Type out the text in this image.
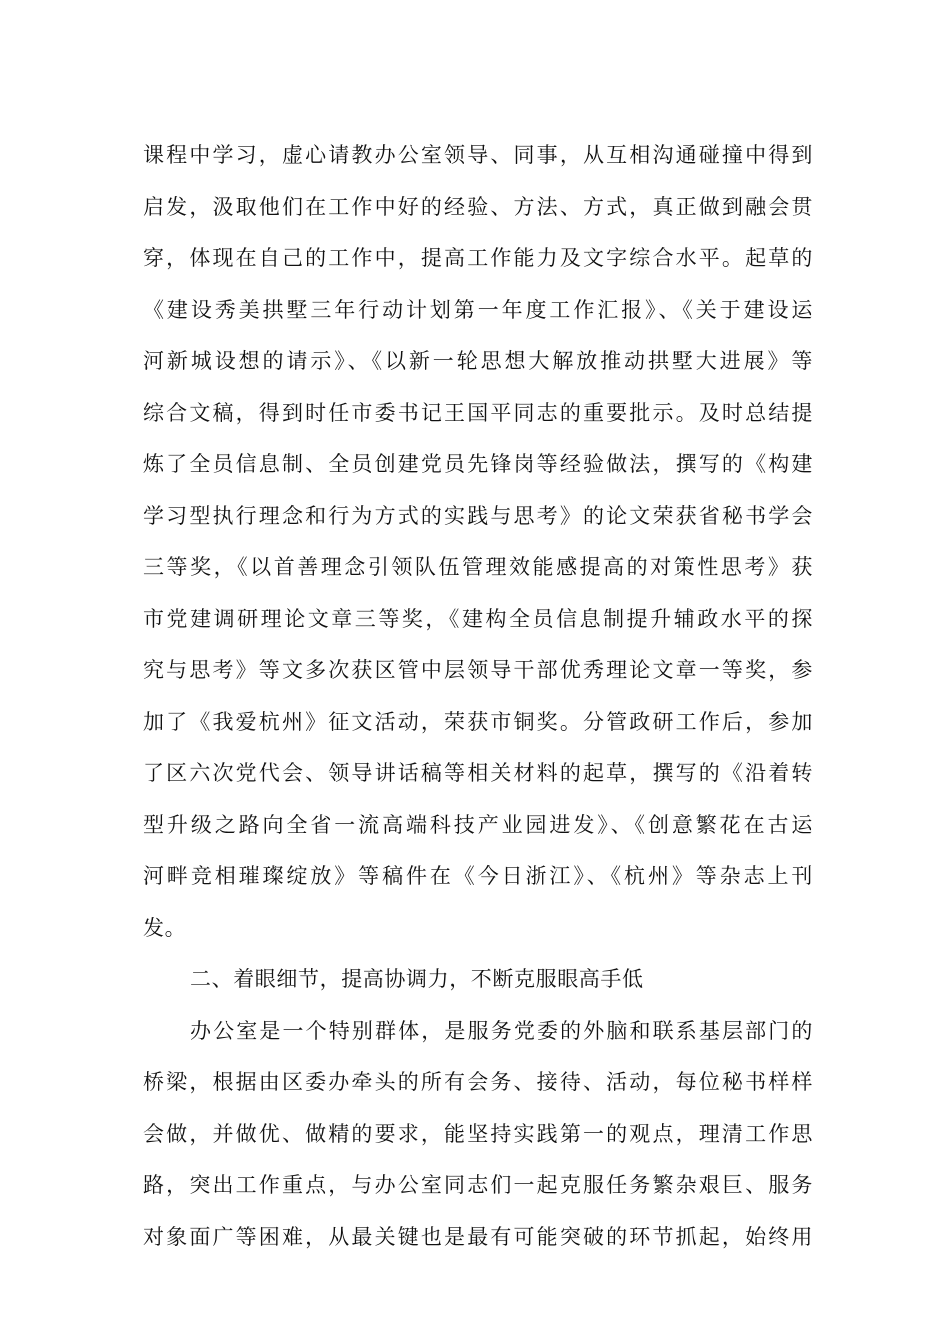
课程中学习，虚心请教办公室领导、同事，从互相沟通碰撞中得到
启发，汲取他们在工作中好的经验、方法、方式，真正做到融会贯
穿，体现在自己的工作中，提高工作能力及文字综合水平。起草的
《建设秀美拱墅三年行动计划第一年度工作汇报》、《关于建设运
河新城设想的请示》、《以新一轮思想大解放推动拱墅大进展》等
综合文稿，得到时任市委书记王国平同志的重要批示。及时总结提
炼了全员信息制、全员创建党员先锋岗等经验做法，撰写的《构建
学习型执行理念和行为方式的实践与思考》的论文荣获省秘书学会
三等奖，《以首善理念引领队伍管理效能感提高的对策性思考》获
市党建调研理论文章三等奖，《建构全员信息制提升辅政水平的探
究与思考》等文多次获区管中层领导干部优秀理论文章一等奖，参
加了《我爱杭州》征文活动，荣获市铜奖。分管政研工作后，参加
了区六次党代会、领导讲话稿等相关材料的起草，撰写的《沿着转
型升级之路向全省一流高端科技产业园进发》、《创意繁花在古运
河畔竞相璀璨绽放》等稿件在《今日浙江》、《杭州》等杂志上刊
发。
二、着眼细节，提高协调力，不断克服眼高手低
办公室是一个特别群体，是服务党委的外脑和联系基层部门的
桥梁，根据由区委办牵头的所有会务、接待、活动，每位秘书样样
会做，并做优、做精的要求，能坚持实践第一的观点，理清工作思
路，突出工作重点，与办公室同志们一起克服任务繁杂艰巨、服务
对象面广等困难，从最关键也是最有可能突破的环节抓起，始终用
